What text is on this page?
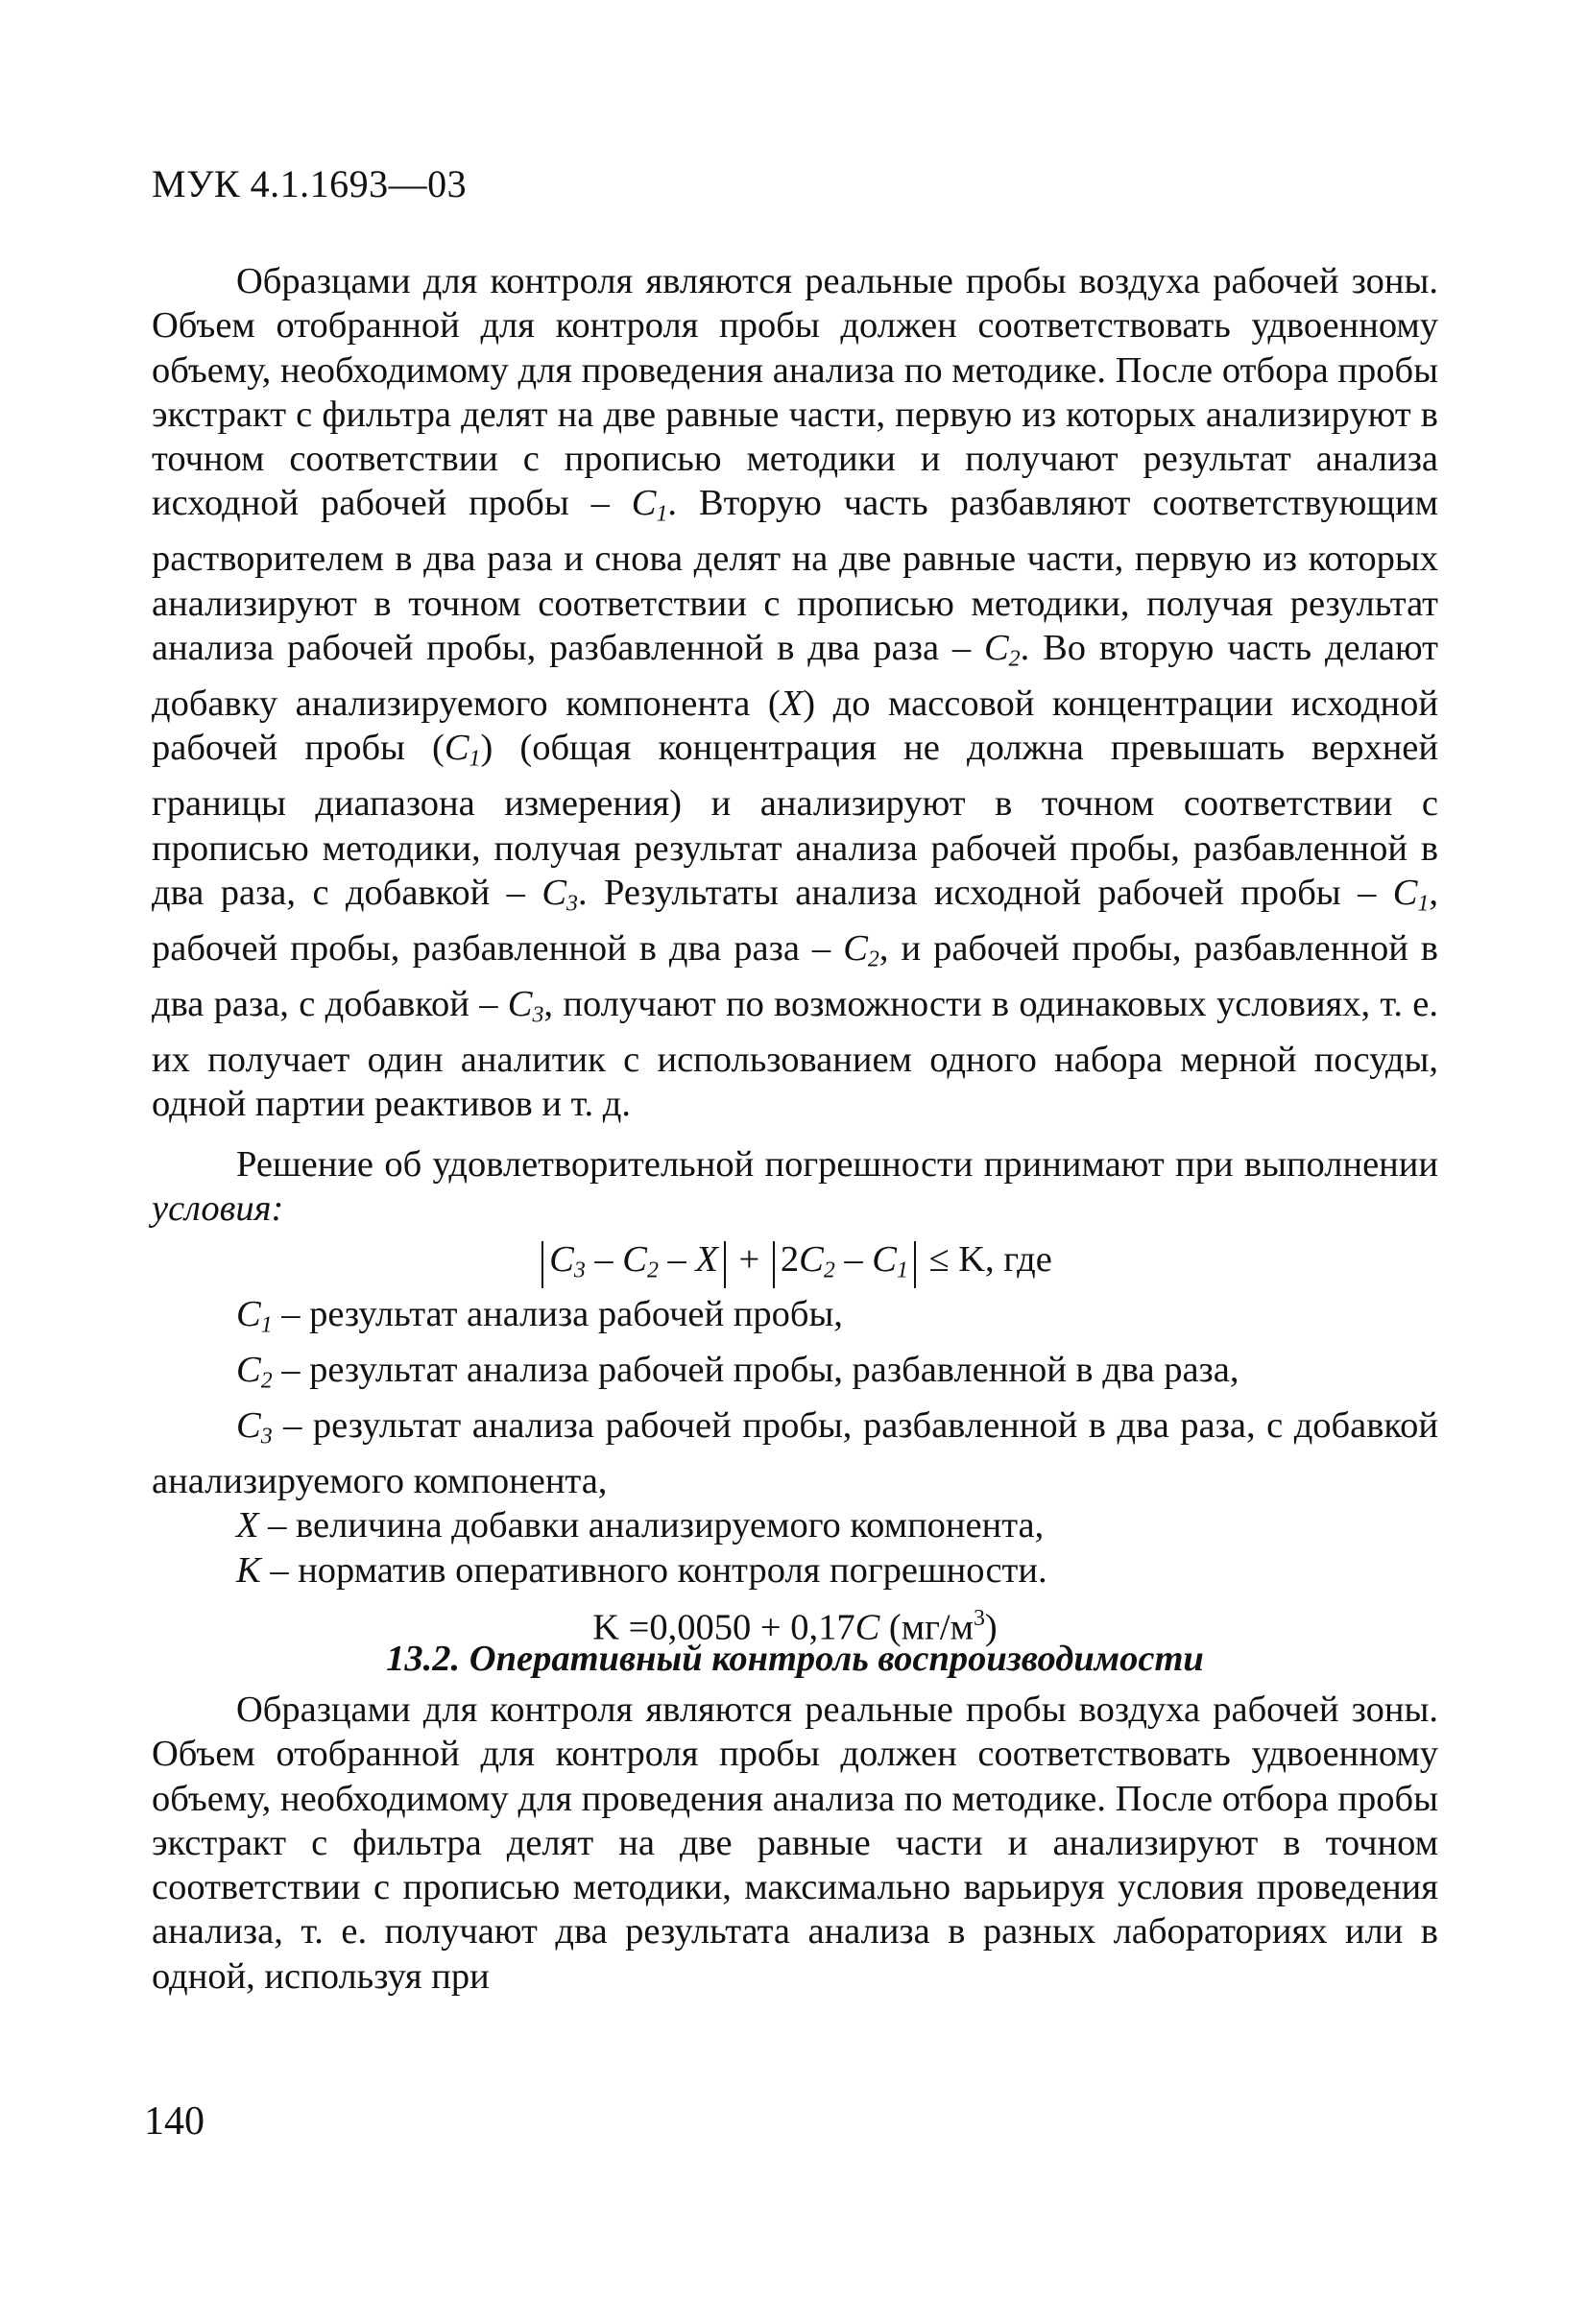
МУК 4.1.1693—03

Образцами для контроля являются реальные пробы воздуха рабочей зоны. Объем отобранной для контроля пробы должен соответствовать удвоенному объему, необходимому для проведения анализа по методике. После отбора пробы экстракт с фильтра делят на две равные части, первую из которых анализируют в точном соответствии с прописью методики и получают результат анализа исходной рабочей пробы – $C_1$. Вторую часть разбавляют соответствующим растворителем в два раза и снова делят на две равные части, первую из которых анализируют в точном соответствии с прописью методики, получая результат анализа рабочей пробы, разбавленной в два раза – $C_2$. Во вторую часть делают добавку анализируемого компонента (X) до массовой концентрации исходной рабочей пробы $(C_1)$ (общая концентрация не должна превышать верхней границы диапазона измерения) и анализируют в точном соответствии с прописью методики, получая результат анализа рабочей пробы, разбавленной в два раза, с добавкой – $C_3$. Результаты анализа исходной рабочей пробы – $C_1$, рабочей пробы, разбавленной в два раза – $C_2$, и рабочей пробы, разбавленной в два раза, с добавкой – $C_3$, получают по возможности в одинаковых условиях, т. е. их получает один аналитик с использованием одного набора мерной посуды, одной партии реактивов и т. д.

Решение об удовлетворительной погрешности принимают при выполнении условия:

$C_3 - C_2 - X + 2C_2 - C_1 \le K$, где

$C_1$ – результат анализа рабочей пробы,

$C_2$ – результат анализа рабочей пробы, разбавленной в два раза,

$C_3$ – результат анализа рабочей пробы, разбавленной в два раза, с добавкой анализируемого компонента,

X – величина добавки анализируемого компонента,

K – норматив оперативного контроля погрешности.

K =0,0050 + 0,17C $(мг/м^3)$
13.2. Оперативный контроль воспроизводимости

Образцами для контроля являются реальные пробы воздуха рабочей зоны. Объем отобранной для контроля пробы должен соответствовать удвоенному объему, необходимому для проведения анализа по методике. После отбора пробы экстракт с фильтра делят на две равные части и анализируют в точном соответствии с прописью методики, максимально варьируя условия проведения анализа, т. е. получают два результата анализа в разных лабораториях или в одной, используя при

140
